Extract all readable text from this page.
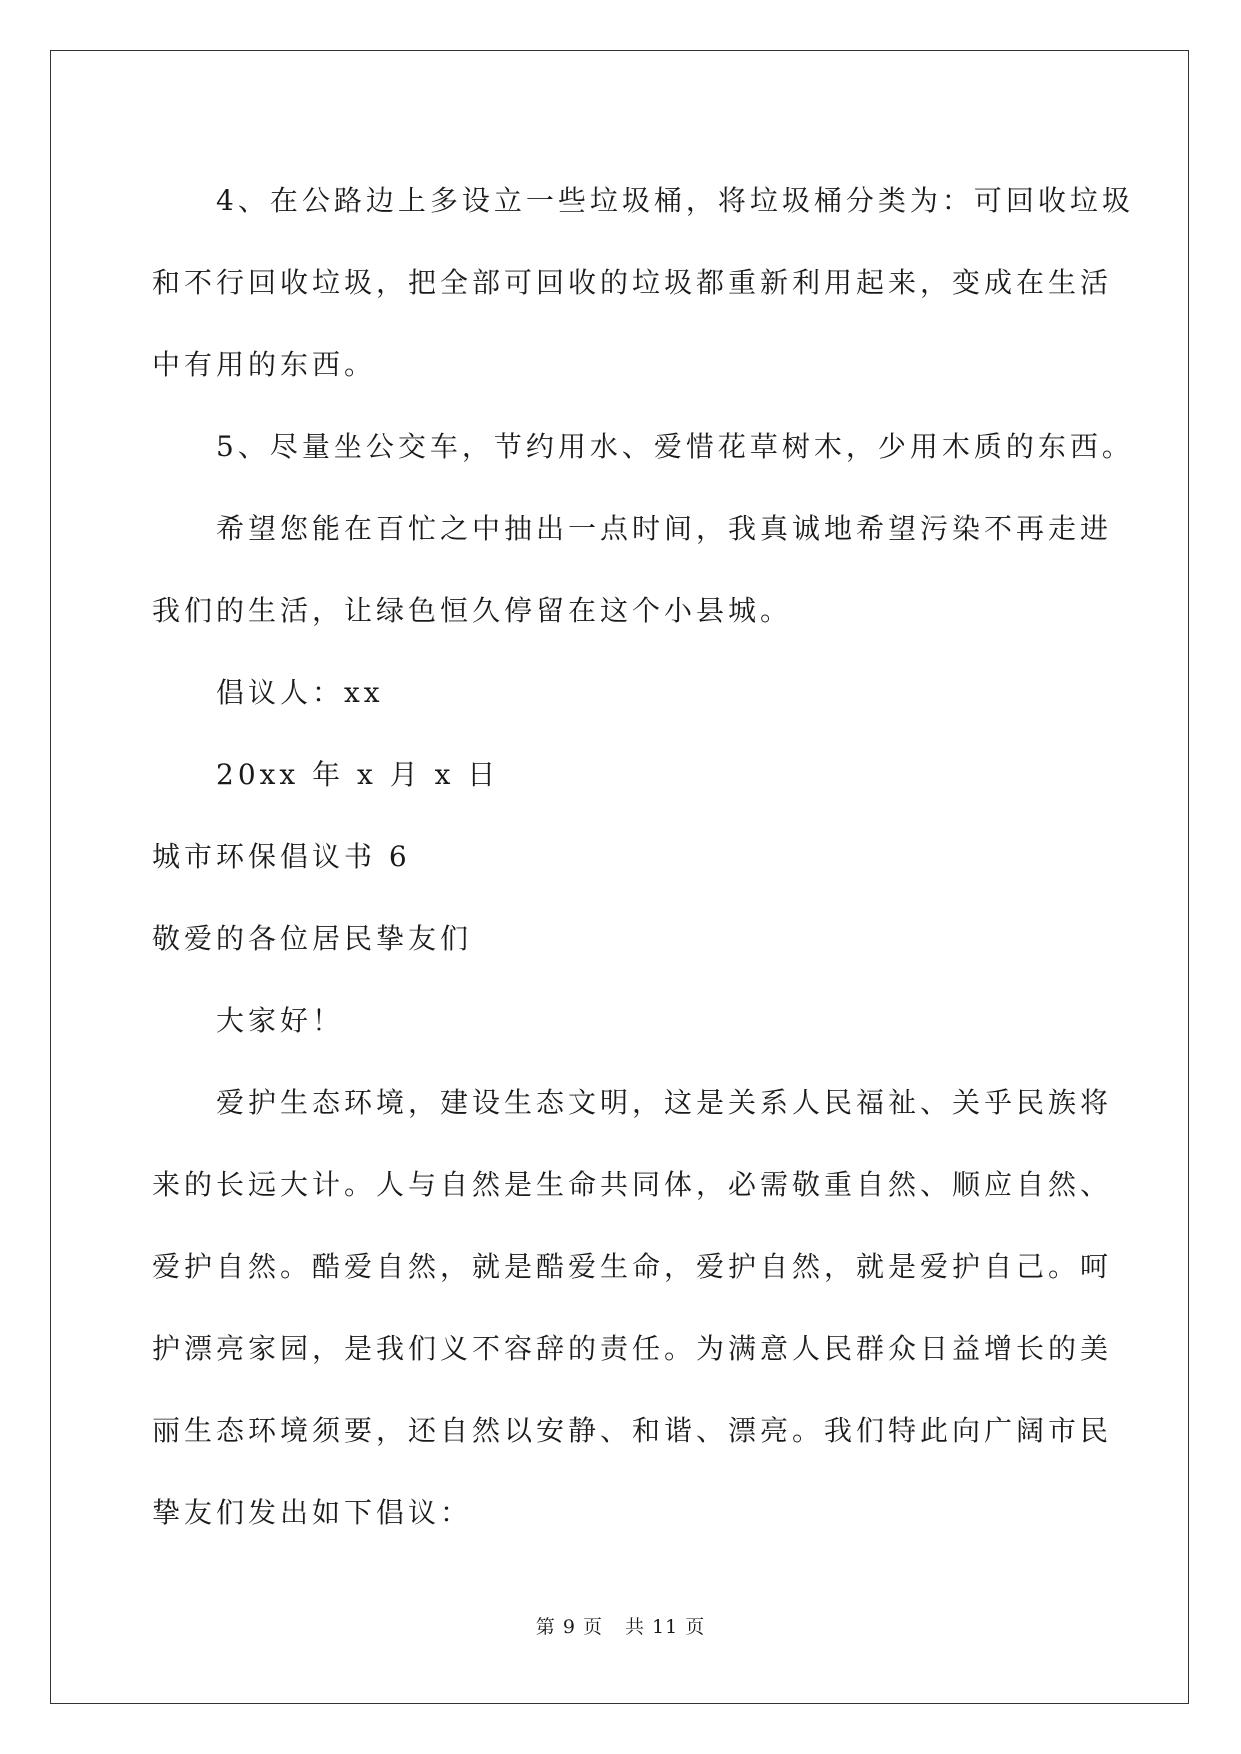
4、在公路边上多设立一些垃圾桶，将垃圾桶分类为：可回收垃圾

和不行回收垃圾，把全部可回收的垃圾都重新利用起来，变成在生活

中有用的东西。

5、尽量坐公交车，节约用水、爱惜花草树木，少用木质的东西。

希望您能在百忙之中抽出一点时间，我真诚地希望污染不再走进

我们的生活，让绿色恒久停留在这个小县城。

倡议人：xx

20xx 年 x 月 x 日

城市环保倡议书 6

敬爱的各位居民挚友们

大家好！

爱护生态环境，建设生态文明，这是关系人民福祉、关乎民族将

来的长远大计。人与自然是生命共同体，必需敬重自然、顺应自然、

爱护自然。酷爱自然，就是酷爱生命，爱护自然，就是爱护自己。呵

护漂亮家园，是我们义不容辞的责任。为满意人民群众日益增长的美

丽生态环境须要，还自然以安静、和谐、漂亮。我们特此向广阔市民

挚友们发出如下倡议：

第 9 页 共 11 页
